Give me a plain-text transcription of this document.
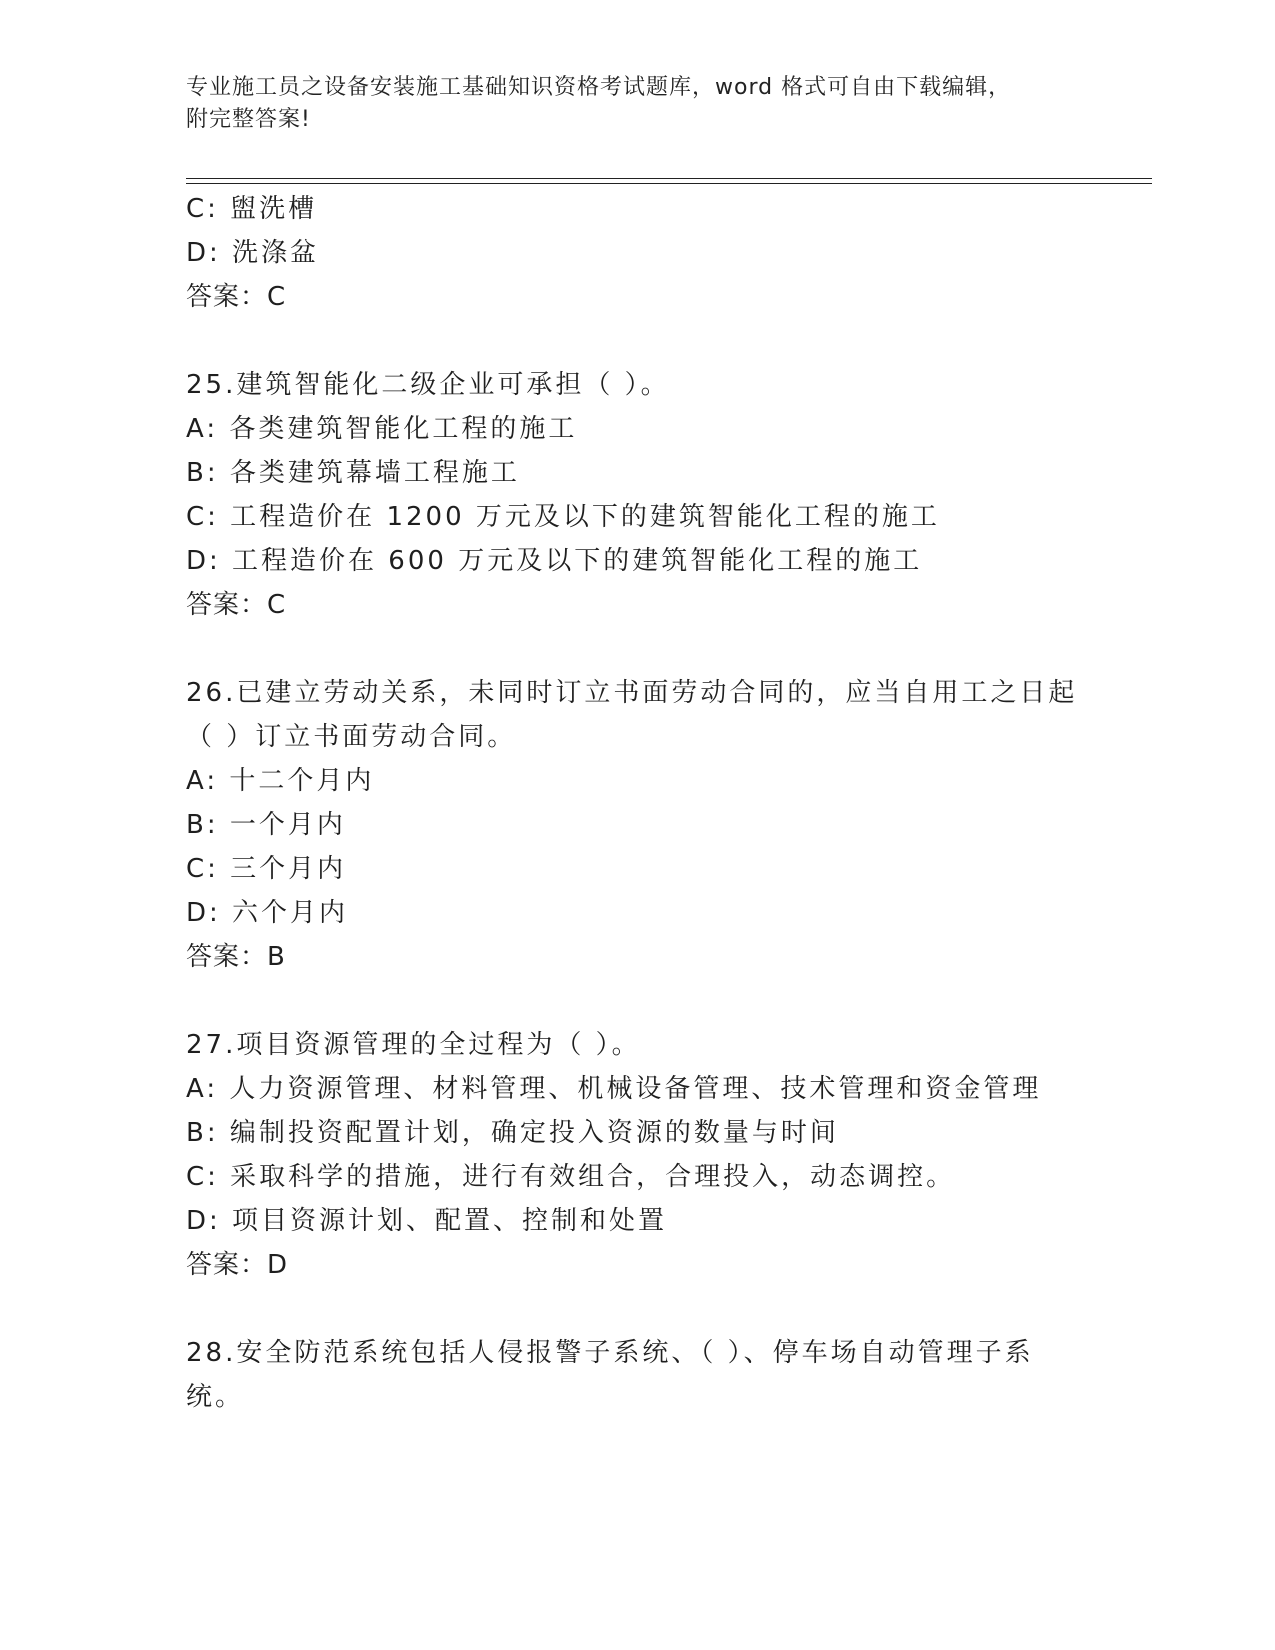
专业施工员之设备安装施工基础知识资格考试题库，word 格式可自由下载编辑，
附完整答案!
C: 盥洗槽
D: 洗涤盆
答案：C
25.建筑智能化二级企业可承担（ ）。
A: 各类建筑智能化工程的施工
B: 各类建筑幕墙工程施工
C: 工程造价在 1200 万元及以下的建筑智能化工程的施工
D: 工程造价在 600 万元及以下的建筑智能化工程的施工
答案：C
26.已建立劳动关系，未同时订立书面劳动合同的，应当自用工之日起
（ ）订立书面劳动合同。
A: 十二个月内
B: 一个月内
C: 三个月内
D: 六个月内
答案：B
27.项目资源管理的全过程为（ ）。
A: 人力资源管理、材料管理、机械设备管理、技术管理和资金管理
B: 编制投资配置计划，确定投入资源的数量与时间
C: 采取科学的措施，进行有效组合，合理投入，动态调控。
D: 项目资源计划、配置、控制和处置
答案：D
28.安全防范系统包括人侵报警子系统、（ ）、停车场自动管理子系
统。
